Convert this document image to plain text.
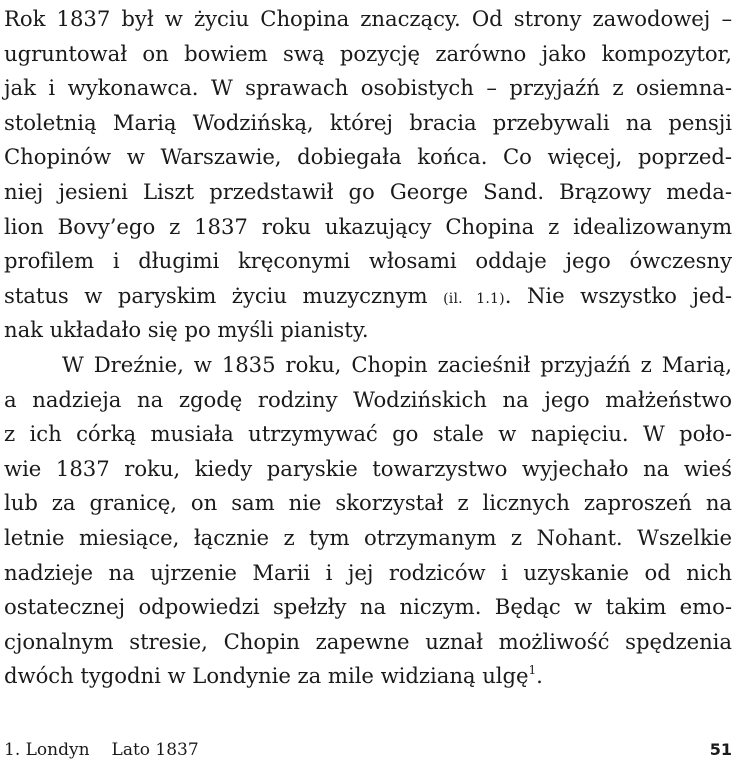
Rok 1837 był w życiu Chopina znaczący. Od strony zawodowej –
ugruntował on bowiem swą pozycję zarówno jako kompozytor,
jak i wykonawca. W sprawach osobistych – przyjaźń z osiemna-
stoletnią Marią Wodzińską, której bracia przebywali na pensji
Chopinów w Warszawie, dobiegała końca. Co więcej, poprzed-
niej jesieni Liszt przedstawił go George Sand. Brązowy meda-
lion Bovy’ego z 1837 roku ukazujący Chopina z idealizowanym
profilem i długimi kręconymi włosami oddaje jego ówczesny
status w paryskim życiu muzycznym (il. 1.1). Nie wszystko jed-
nak układało się po myśli pianisty.
W Dreźnie, w 1835 roku, Chopin zacieśnił przyjaźń z Marią,
a nadzieja na zgodę rodziny Wodzińskich na jego małżeństwo
z ich córką musiała utrzymywać go stale w napięciu. W poło-
wie 1837 roku, kiedy paryskie towarzystwo wyjechało na wieś
lub za granicę, on sam nie skorzystał z licznych zaproszeń na
letnie miesiące, łącznie z tym otrzymanym z Nohant. Wszelkie
nadzieje na ujrzenie Marii i jej rodziców i uzyskanie od nich
ostatecznej odpowiedzi spełzły na niczym. Będąc w takim emo-
cjonalnym stresie, Chopin zapewne uznał możliwość spędzenia
dwóch tygodni w Londynie za mile widzianą ulgę$^1$.
1. Londyn Lato 1837	51
